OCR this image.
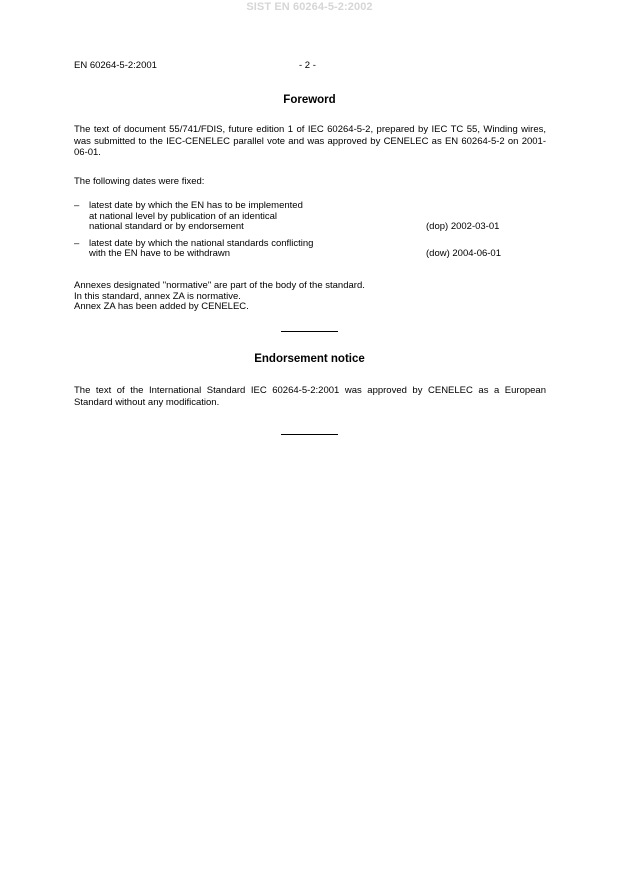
SIST EN 60264-5-2:2002
EN 60264-5-2:2001	- 2 -
Foreword
The text of document 55/741/FDIS, future edition 1 of IEC 60264-5-2, prepared by IEC TC 55, Winding wires, was submitted to the IEC-CENELEC parallel vote and was approved by CENELEC as EN 60264-5-2 on 2001-06-01.
The following dates were fixed:
– latest date by which the EN has to be implemented
at national level by publication of an identical
national standard or by endorsement	(dop) 2002-03-01
– latest date by which the national standards conflicting
with the EN have to be withdrawn	(dow) 2004-06-01
Annexes designated "normative" are part of the body of the standard.
In this standard, annex ZA is normative.
Annex ZA has been added by CENELEC.
Endorsement notice
The text of the International Standard IEC 60264-5-2:2001 was approved by CENELEC as a European Standard without any modification.
